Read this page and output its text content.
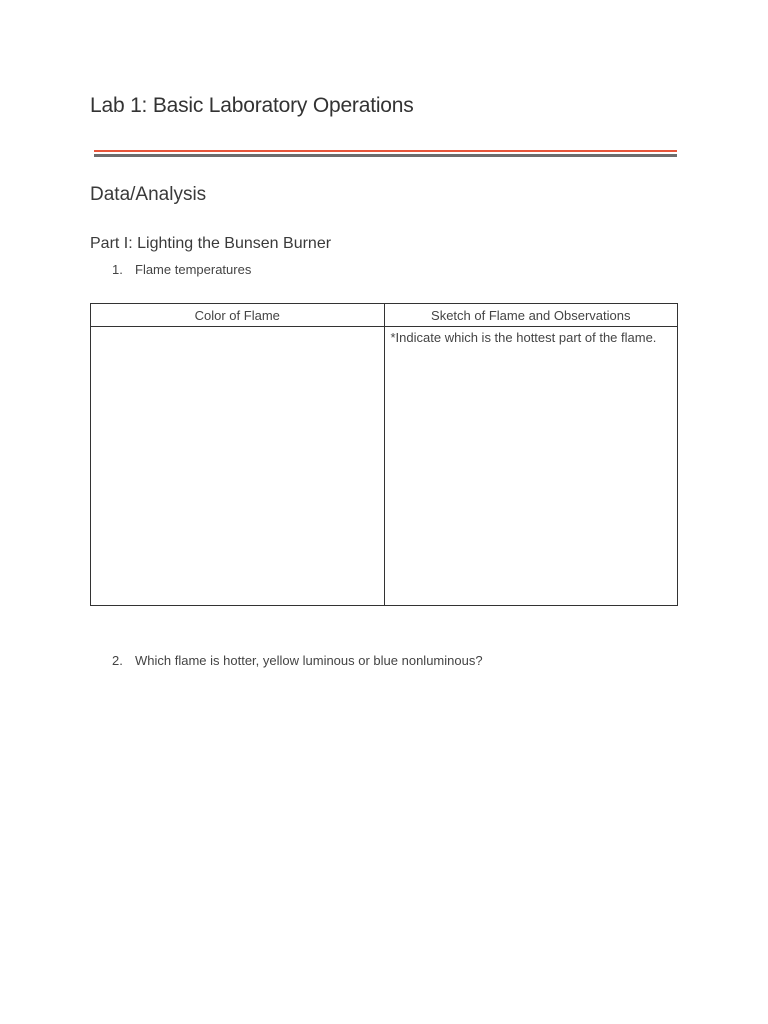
Lab 1: Basic Laboratory Operations
Data/Analysis
Part I: Lighting the Bunsen Burner
1. Flame temperatures
Color of Flame	Sketch of Flame and Observations
	*Indicate which is the hottest part of the flame.
2. Which flame is hotter, yellow luminous or blue nonluminous?
